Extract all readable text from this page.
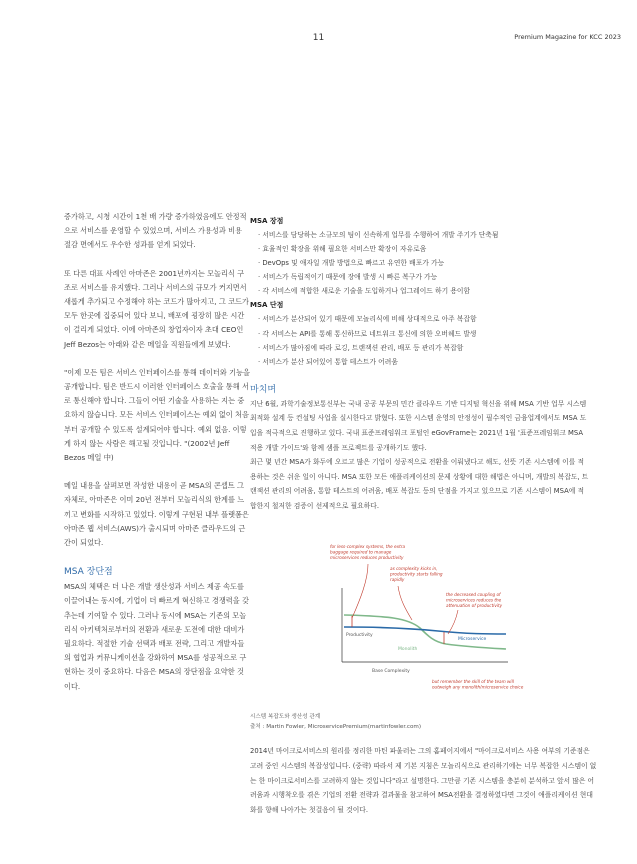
11	Premium Magazine for KCC 2023

증가하고, 시청 시간이 1천 배 가량 증가하였음에도 안정적으로 서비스를 운영할 수 있었으며, 서비스 가용성과 비용 절감 면에서도 우수한 성과를 얻게 되었다.

또 다른 대표 사례인 아마존은 2001년까지는 모놀리식 구조로 서비스를 유지했다. 그러나 서비스의 규모가 커지면서 새롭게 추가되고 수정해야 하는 코드가 많아지고, 그 코드가 모두 한곳에 집중되어 있다 보니, 배포에 굉장히 많은 시간이 걸리게 되었다. 이에 아마존의 창업자이자 초대 CEO인 Jeff Bezos는 아래와 같은 메일을 직원들에게 보냈다.

"이제 모든 팀은 서비스 인터페이스를 통해 데이터와 기능을 공개합니다. 팀은 반드시 이러한 인터페이스 호출을 통해 서로 통신해야 합니다. 그들이 어떤 기술을 사용하는 지는 중요하지 않습니다. 모든 서비스 인터페이스는 예외 없이 처음부터 공개할 수 있도록 설계되어야 합니다. 예외 없음. 이렇게 하지 않는 사람은 해고될 것입니다. "(2002년 Jeff Bezos 메일 中)

메일 내용을 살펴보면 작성한 내용이 곧 MSA의 콘셉트 그 자체로, 아마존은 이미 20년 전부터 모놀리식의 한계를 느끼고 변화를 시작하고 있었다. 이렇게 구현된 내부 플랫폼은 아마존 웹 서비스(AWS)가 출시되며 아마존 클라우드의 근간이 되었다.

MSA 장단점

MSA의 체택은 더 나은 개발 생산성과 서비스 제공 속도를 이끌어내는 동시에, 기업이 더 빠르게 혁신하고 경쟁력을 갖추는데 기여할 수 있다. 그러나 동시에 MSA는 기존의 모놀리식 아키텍처로부터의 전환과 새로운 도전에 대한 대비가 필요하다. 적절한 기술 선택과 배포 전략, 그리고 개발자들의 협업과 커뮤니케이션을 강화하여 MSA를 성공적으로 구현하는 것이 중요하다. 다음은 MSA의 장단점을 요약한 것이다.

MSA 장점
· 서비스를 담당하는 소규모의 팀이 신속하게 업무를 수행하여 개발 주기가 단축됨
· 효율적인 확장을 위해 필요한 서비스만 확장이 자유로움
· DevOps 및 애자일 개발 방법으로 빠르고 유연한 배포가 가능
· 서비스가 독립적이기 때문에 장애 발생 시 빠른 복구가 가능
· 각 서비스에 적합한 새로운 기술을 도입하거나 업그레이드 하기 용이함
MSA 단점
· 서비스가 분산되어 있기 때문에 모놀리식에 비해 상대적으로 아주 복잡함
· 각 서비스는 API를 통해 통신하므로 네트워크 통신에 의한 오버헤드 발생
· 서비스가 많아짐에 따라 로깅, 트랜잭션 관리, 배포 등 관리가 복잡함
· 서비스가 분산 되어있어 통합 테스트가 어려움
마치며

지난 6월, 과학기술정보통신부는 국내 공공 부문의 민간 클라우드 기반 디지털 혁신을 위해 MSA 기반 업무 시스템 최적화 설계 등 컨설팅 사업을 실시한다고 밝혔다. 또한 시스템 운영의 안정성이 필수적인 금융업계에서도 MSA 도입을 적극적으로 진행하고 있다. 국내 표준프레임워크 포털인 eGovFrame는 2021년 1월 '표준프레임워크 MSA 적용 개발 가이드'와 함께 샘플 프로젝트를 공개하기도 했다.

최근 몇 년간 MSA가 화두에 오르고 많은 기업이 성공적으로 전환을 이뤄냈다고 해도, 선뜻 기존 시스템에 이를 적용하는 것은 쉬운 일이 아니다. MSA 또한 모든 애플리케이션의 문제 상황에 대한 해법은 아니며, 개발의 복잡도, 트랜잭션 관리의 어려움, 통합 테스트의 어려움, 배포 복잡도 등의 단점을 가지고 있으므로 기존 시스템이 MSA에 적합한지 철저한 검증이 선제적으로 필요하다.

for less-complex systems, the extra baggage required to manage microservices reduces productivity
as complexity kicks in, productivity starts falling rapidly
the decreased coupling of microservices reduces the attenuation of productivity
but remember the skill of the team will outweigh any monolith/microservice choice
Productivity
Microservice
Monolith
Base Complexity
시스템 복잡도와 생산성 관계
출처 : Martin Fowler, MicroservicePremium(martinfowler.com)

2014년 마이크로서비스의 원리를 정리한 마틴 파울러는 그의 홈페이지에서 "마이크로서비스 사용 여부의 기준점은 고려 중인 시스템의 복잡성입니다. (중략) 따라서 제 기본 지침은 모놀리식으로 관리하기에는 너무 복잡한 시스템이 없는 한 마이크로서비스를 고려하지 않는 것입니다"라고 설명한다. 그만큼 기존 시스템을 충분히 분석하고 앞서 많은 어려움과 시행착오를 겪은 기업의 전환 전략과 결과물을 참고하여 MSA전환을 결정하였다면 그것이 애플리케이션 현대화를 향해 나아가는 첫걸음이 될 것이다.
